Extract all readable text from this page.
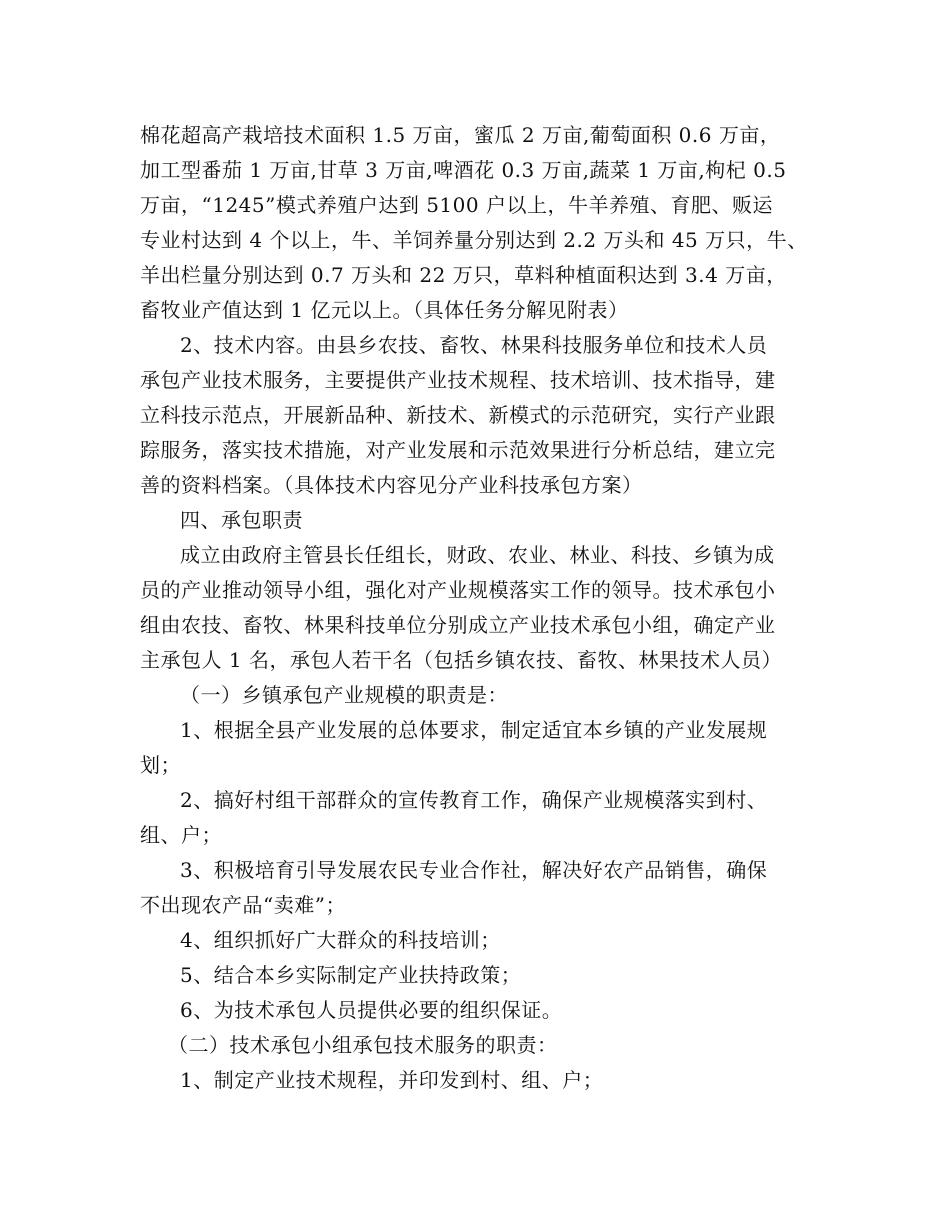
棉花超高产栽培技术面积 1.5 万亩，蜜瓜 2 万亩,葡萄面积 0.6 万亩，

加工型番茄 1 万亩,甘草 3 万亩,啤酒花 0.3 万亩,蔬菜 1 万亩,枸杞 0.5

万亩，“1245”模式养殖户达到 5100 户以上，牛羊养殖、育肥、贩运

专业村达到 4 个以上，牛、羊饲养量分别达到 2.2 万头和 45 万只，牛、

羊出栏量分别达到 0.7 万头和 22 万只，草料种植面积达到 3.4 万亩，

畜牧业产值达到 1 亿元以上。（具体任务分解见附表）

2、技术内容。由县乡农技、畜牧、林果科技服务单位和技术人员

承包产业技术服务，主要提供产业技术规程、技术培训、技术指导，建

立科技示范点，开展新品种、新技术、新模式的示范研究，实行产业跟

踪服务，落实技术措施，对产业发展和示范效果进行分析总结，建立完

善的资料档案。（具体技术内容见分产业科技承包方案）

四、承包职责

成立由政府主管县长任组长，财政、农业、林业、科技、乡镇为成

员的产业推动领导小组，强化对产业规模落实工作的领导。技术承包小

组由农技、畜牧、林果科技单位分别成立产业技术承包小组，确定产业

主承包人 1 名，承包人若干名（包括乡镇农技、畜牧、林果技术人员）

（一）乡镇承包产业规模的职责是：

1、根据全县产业发展的总体要求，制定适宜本乡镇的产业发展规

划；

2、搞好村组干部群众的宣传教育工作，确保产业规模落实到村、

组、户；

3、积极培育引导发展农民专业合作社，解决好农产品销售，确保

不出现农产品“卖难”；

4、组织抓好广大群众的科技培训；

5、结合本乡实际制定产业扶持政策；

6、为技术承包人员提供必要的组织保证。

（二）技术承包小组承包技术服务的职责：

1、制定产业技术规程，并印发到村、组、户；
